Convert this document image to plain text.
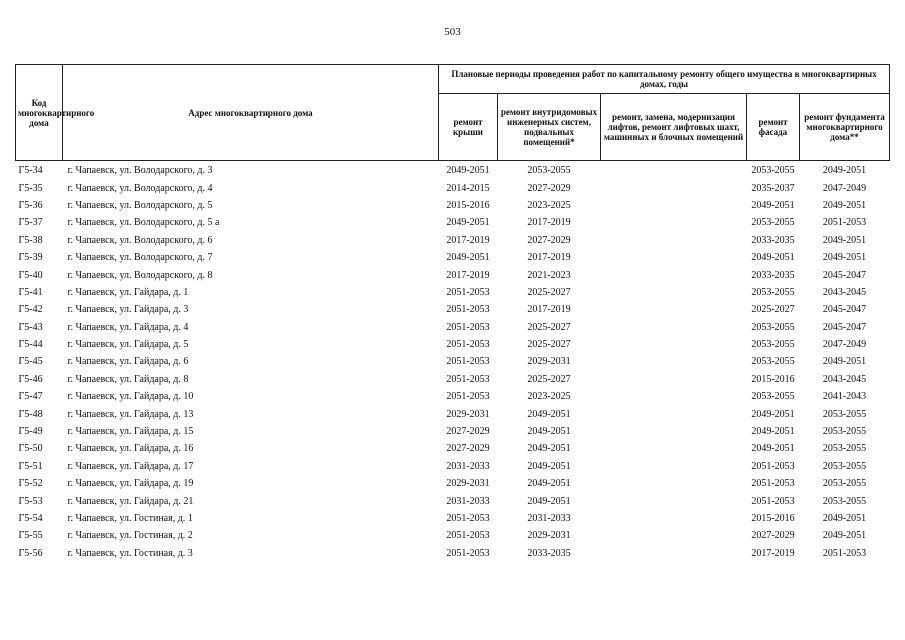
503
Код многоквартирного дома	Адрес многоквартирного дома	Плановые периоды проведения работ по капитальному ремонту общего имущества в многоквартирных домах, годы				
		ремонт крыши	ремонт внутридомовых инженерных систем, подвальных помещений*	ремонт, замена, модернизация лифтов, ремонт лифтовых шахт, машинных и блочных помещений	ремонт фасада	ремонт фундамента многоквартирного дома**
Г5-34	г. Чапаевск, ул. Володарского, д. 3	2049-2051	2053-2055		2053-2055	2049-2051
Г5-35	г. Чапаевск, ул. Володарского, д. 4	2014-2015	2027-2029		2035-2037	2047-2049
Г5-36	г. Чапаевск, ул. Володарского, д. 5	2015-2016	2023-2025		2049-2051	2049-2051
Г5-37	г. Чапаевск, ул. Володарского, д. 5 а	2049-2051	2017-2019		2053-2055	2051-2053
Г5-38	г. Чапаевск, ул. Володарского, д. 6	2017-2019	2027-2029		2033-2035	2049-2051
Г5-39	г. Чапаевск, ул. Володарского, д. 7	2049-2051	2017-2019		2049-2051	2049-2051
Г5-40	г. Чапаевск, ул. Володарского, д. 8	2017-2019	2021-2023		2033-2035	2045-2047
Г5-41	г. Чапаевск, ул. Гайдара, д. 1	2051-2053	2025-2027		2053-2055	2043-2045
Г5-42	г. Чапаевск, ул. Гайдара, д. 3	2051-2053	2017-2019		2025-2027	2045-2047
Г5-43	г. Чапаевск, ул. Гайдара, д. 4	2051-2053	2025-2027		2053-2055	2045-2047
Г5-44	г. Чапаевск, ул. Гайдара, д. 5	2051-2053	2025-2027		2053-2055	2047-2049
Г5-45	г. Чапаевск, ул. Гайдара, д. 6	2051-2053	2029-2031		2053-2055	2049-2051
Г5-46	г. Чапаевск, ул. Гайдара, д. 8	2051-2053	2025-2027		2015-2016	2043-2045
Г5-47	г. Чапаевск, ул. Гайдара, д. 10	2051-2053	2023-2025		2053-2055	2041-2043
Г5-48	г. Чапаевск, ул. Гайдара, д. 13	2029-2031	2049-2051		2049-2051	2053-2055
Г5-49	г. Чапаевск, ул. Гайдара, д. 15	2027-2029	2049-2051		2049-2051	2053-2055
Г5-50	г. Чапаевск, ул. Гайдара, д. 16	2027-2029	2049-2051		2049-2051	2053-2055
Г5-51	г. Чапаевск, ул. Гайдара, д. 17	2031-2033	2049-2051		2051-2053	2053-2055
Г5-52	г. Чапаевск, ул. Гайдара, д. 19	2029-2031	2049-2051		2051-2053	2053-2055
Г5-53	г. Чапаевск, ул. Гайдара, д. 21	2031-2033	2049-2051		2051-2053	2053-2055
Г5-54	г. Чапаевск, ул. Гостиная, д. 1	2051-2053	2031-2033		2015-2016	2049-2051
Г5-55	г. Чапаевск, ул. Гостиная, д. 2	2051-2053	2029-2031		2027-2029	2049-2051
Г5-56	г. Чапаевск, ул. Гостиная, д. 3	2051-2053	2033-2035		2017-2019	2051-2053
